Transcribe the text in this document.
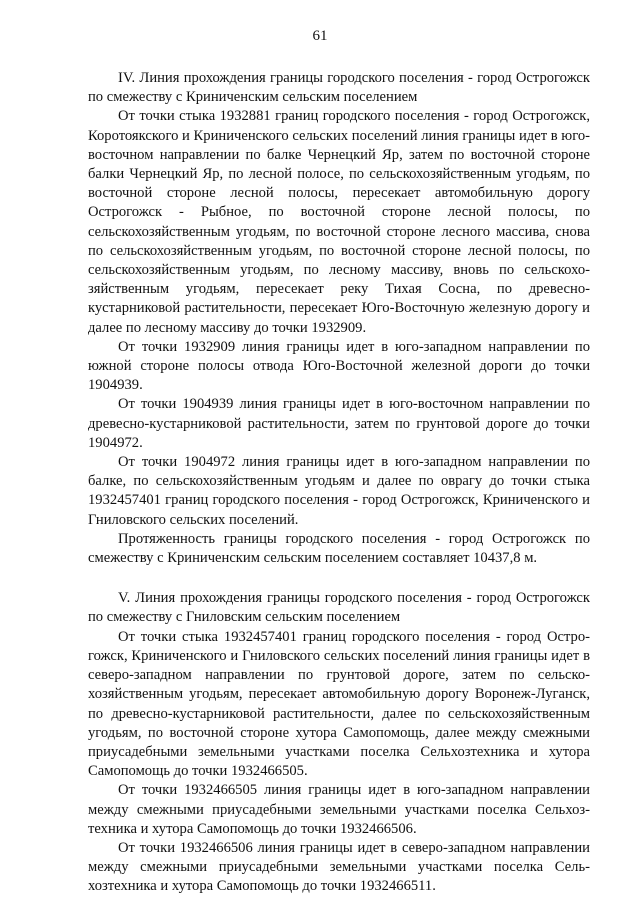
61

IV. Линия прохождения границы городского поселения - город Острогожск по смежеству с Криниченским сельским поселением

От точки стыка 1932881 границ городского поселения - город Острогожск, Коротоякского и Криниченского сельских поселений линия границы идет в юго-восточном направлении по балке Чернецкий Яр, затем по восточной стороне балки Чернецкий Яр, по лесной полосе, по сельскохозяйственным угодьям, по восточной стороне лесной полосы, пересекает автомобильную дорогу Острогожск - Рыбное, по восточной стороне лесной полосы, по сельскохозяйственным угодьям, по восточной стороне лесного массива, снова по сельскохозяйственным угодьям, по восточной стороне лесной полосы, по сельскохозяйственным угодьям, по лесному массиву, вновь по сельскохозяйственным угодьям, пересекает реку Тихая Сосна, по древесно-кустарниковой растительности, пересекает Юго-Восточную железную дорогу и далее по лесному массиву до точки 1932909.

От точки 1932909 линия границы идет в юго-западном направлении по южной стороне полосы отвода Юго-Восточной железной дороги до точки 1904939.

От точки 1904939 линия границы идет в юго-восточном направлении по древесно-кустарниковой растительности, затем по грунтовой дороге до точки 1904972.

От точки 1904972 линия границы идет в юго-западном направлении по балке, по сельскохозяйственным угодьям и далее по оврагу до точки стыка 1932457401 границ городского поселения - город Острогожск, Криниченского и Гниловского сельских поселений.

Протяженность границы городского поселения - город Острогожск по смежеству с Криниченским сельским поселением составляет 10437,8 м.

V. Линия прохождения границы городского поселения - город Острогожск по смежеству с Гниловским сельским поселением

От точки стыка 1932457401 границ городского поселения - город Острогожск, Криниченского и Гниловского сельских поселений линия границы идет в северо-западном направлении по грунтовой дороге, затем по сельскохозяйственным угодьям, пересекает автомобильную дорогу Воронеж-Луганск, по древесно-кустарниковой растительности, далее по сельскохозяйственным угодьям, по восточной стороне хутора Самопомощь, далее между смежными приусадебными земельными участками поселка Сельхозтехника и хутора Самопомощь до точки 1932466505.

От точки 1932466505 линия границы идет в юго-западном направлении между смежными приусадебными земельными участками поселка Сельхозтехника и хутора Самопомощь до точки 1932466506.

От точки 1932466506 линия границы идет в северо-западном направлении между смежными приусадебными земельными участками поселка Сельхозтехника и хутора Самопомощь до точки 1932466511.
